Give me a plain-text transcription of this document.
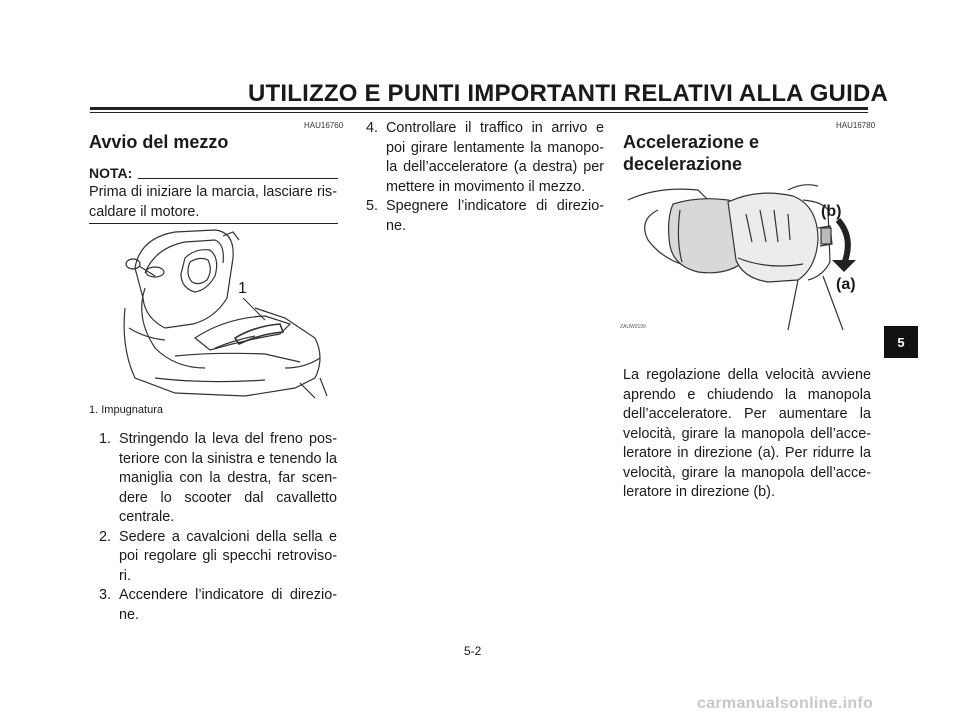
UTILIZZO E PUNTI IMPORTANTI RELATIVI ALLA GUIDA
HAU16760
Avvio del mezzo
NOTA:
Prima di iniziare la marcia, lasciare ris-caldare il motore.
1
1. Impugnatura
1. Stringendo la leva del freno pos-teriore con la sinistra e tenendo la maniglia con la destra, far scen-dere lo scooter dal cavalletto centrale.
2. Sedere a cavalcioni della sella e poi regolare gli specchi retroviso-ri.
3. Accendere l’indicatore di direzio-ne.
4. Controllare il traffico in arrivo e poi girare lentamente la manopo-la dell’acceleratore (a destra) per mettere in movimento il mezzo.
5. Spegnere l’indicatore di direzio-ne.
HAU16780
Accelerazione e
decelerazione
ZAUW0199
(b)
(a)
La regolazione della velocità avviene aprendo e chiudendo la manopola dell’acceleratore. Per aumentare la velocità, girare la manopola dell’acce-leratore in direzione (a). Per ridurre la velocità, girare la manopola dell’acce-leratore in direzione (b).
5
5-2
carmanualsonline.info
